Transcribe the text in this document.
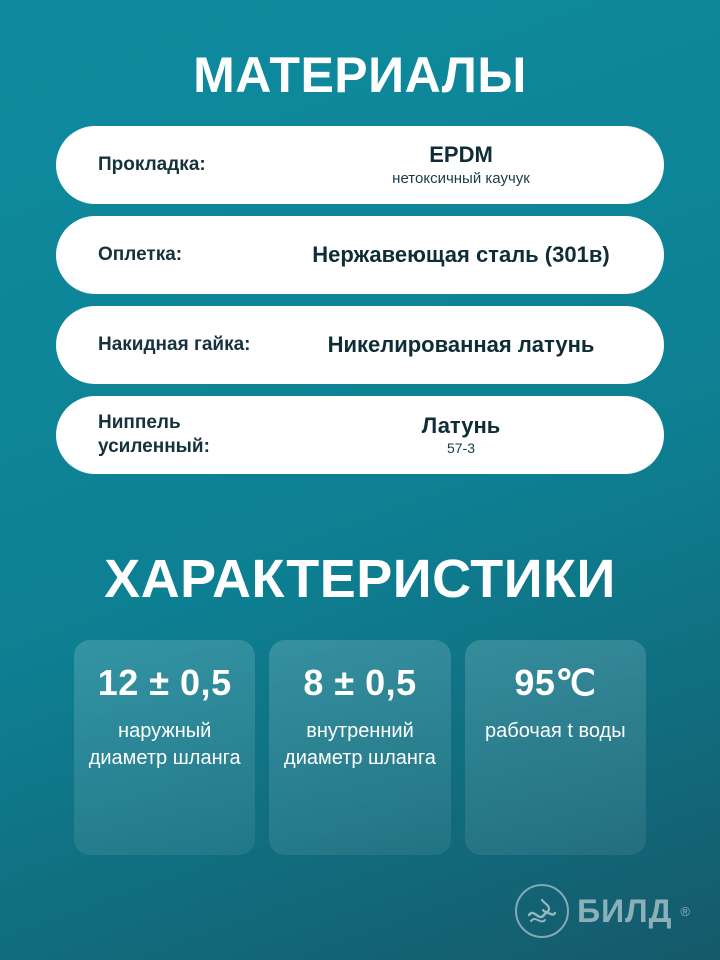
МАТЕРИАЛЫ
Прокладка:	EPDM
нетоксичный каучук
Оплетка:	Нержавеющая сталь (301в)
Накидная гайка:	Никелированная латунь
Ниппель усиленный:
Латунь
57-3
ХАРАКТЕРИСТИКИ
12 ± 0,5
наружный диаметр шланга
8 ± 0,5
внутренний диаметр шланга
95℃
рабочая t воды
БИЛД ®
